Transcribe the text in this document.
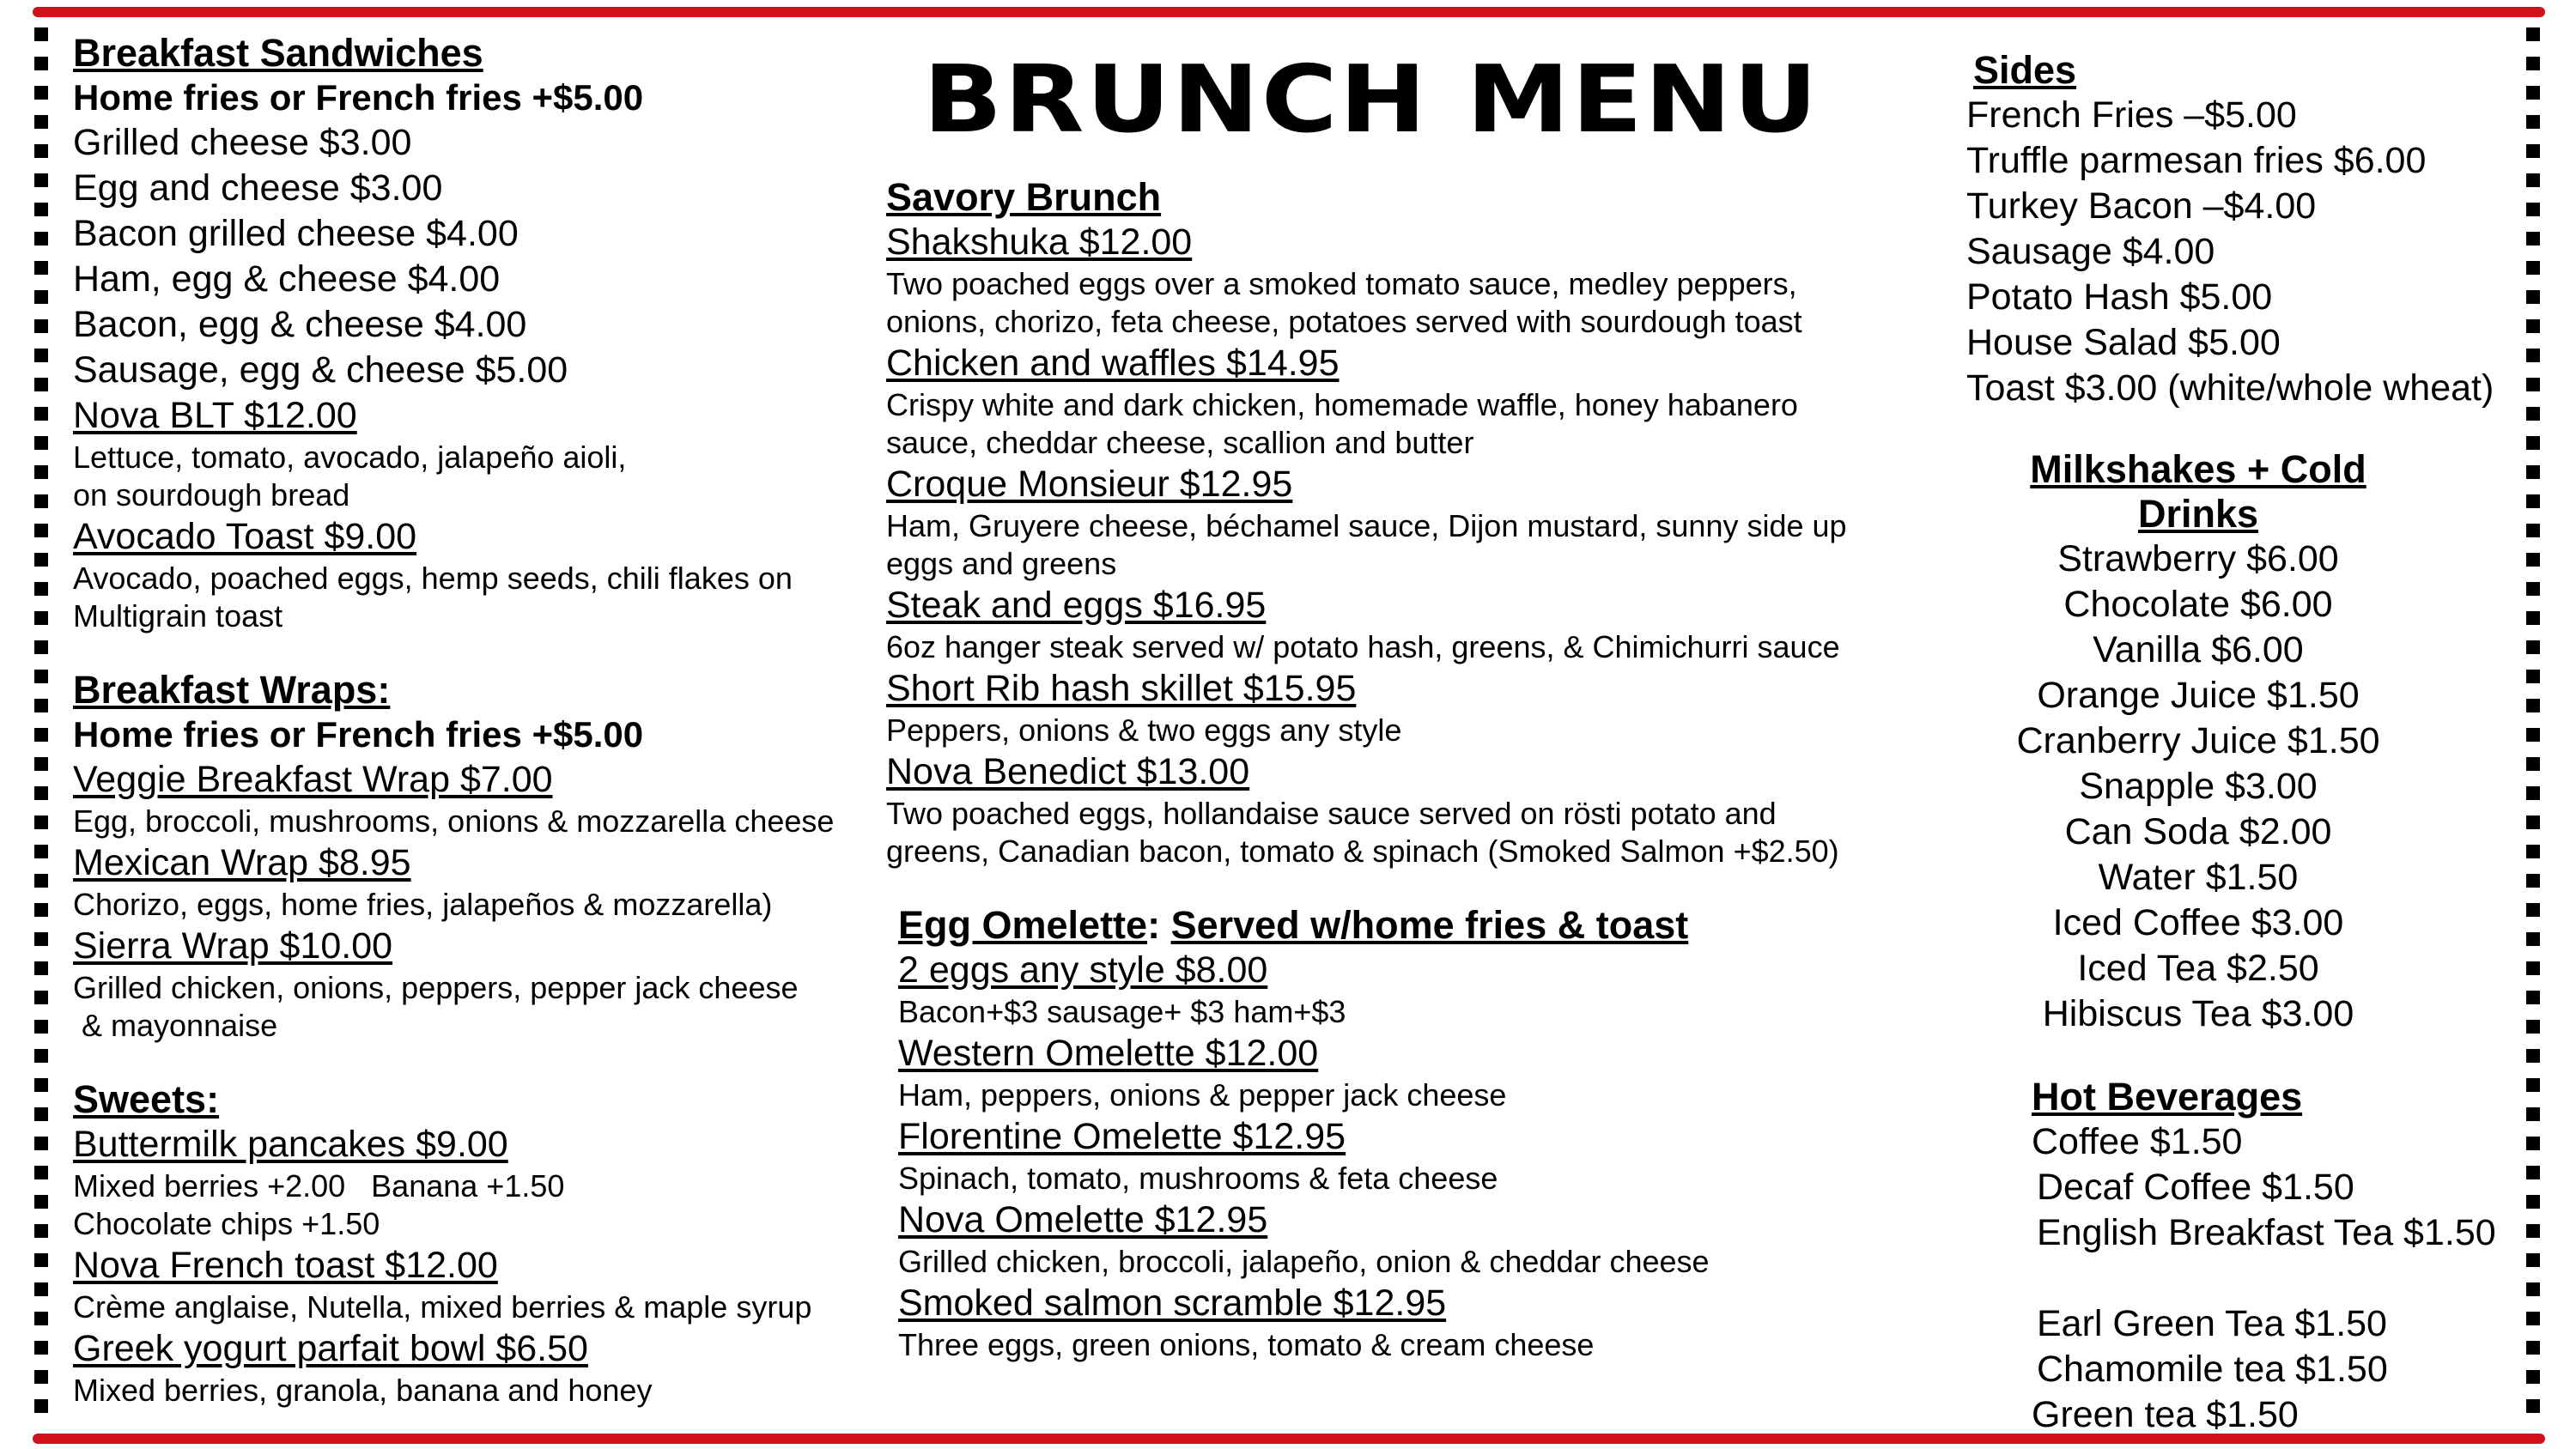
BRUNCH MENU
Breakfast Sandwiches
Home fries or French fries +$5.00
Grilled cheese $3.00
Egg and cheese $3.00
Bacon grilled cheese $4.00
Ham, egg & cheese $4.00
Bacon, egg & cheese $4.00
Sausage, egg & cheese $5.00
Nova BLT $12.00
Lettuce, tomato, avocado, jalapeño aioli,
on sourdough bread
Avocado Toast $9.00
Avocado, poached eggs, hemp seeds, chili flakes on
Multigrain toast
Breakfast Wraps:
Home fries or French fries +$5.00
Veggie Breakfast Wrap $7.00
Egg, broccoli, mushrooms, onions & mozzarella cheese
Mexican Wrap $8.95
Chorizo, eggs, home fries, jalapeños & mozzarella)
Sierra Wrap $10.00
Grilled chicken, onions, peppers, pepper jack cheese
& mayonnaise
Sweets:
Buttermilk pancakes $9.00
Mixed berries +2.00   Banana +1.50
Chocolate chips +1.50
Nova French toast $12.00
Crème anglaise, Nutella, mixed berries & maple syrup
Greek yogurt parfait bowl $6.50
Mixed berries, granola, banana and honey
Savory Brunch
Shakshuka $12.00
Two poached eggs over a smoked tomato sauce, medley peppers,
onions, chorizo, feta cheese, potatoes served with sourdough toast
Chicken and waffles $14.95
Crispy white and dark chicken, homemade waffle, honey habanero
sauce, cheddar cheese, scallion and butter
Croque Monsieur $12.95
Ham, Gruyere cheese, béchamel sauce, Dijon mustard, sunny side up
eggs and greens
Steak and eggs $16.95
6oz hanger steak served w/ potato hash, greens, & Chimichurri sauce
Short Rib hash skillet $15.95
Peppers, onions & two eggs any style
Nova Benedict $13.00
Two poached eggs, hollandaise sauce served on rösti potato and
greens, Canadian bacon, tomato & spinach (Smoked Salmon +$2.50)
Egg Omelette: Served w/home fries & toast
2 eggs any style $8.00
Bacon+$3 sausage+ $3 ham+$3
Western Omelette $12.00
Ham, peppers, onions & pepper jack cheese
Florentine Omelette $12.95
Spinach, tomato, mushrooms & feta cheese
Nova Omelette $12.95
Grilled chicken, broccoli, jalapeño, onion & cheddar cheese
Smoked salmon scramble $12.95
Three eggs, green onions, tomato & cream cheese
Sides
French Fries –$5.00
Truffle parmesan fries $6.00
Turkey Bacon –$4.00
Sausage $4.00
Potato Hash $5.00
House Salad $5.00
Toast $3.00 (white/whole wheat)
Milkshakes + Cold Drinks
Strawberry $6.00
Chocolate $6.00
Vanilla $6.00
Orange Juice $1.50
Cranberry Juice $1.50
Snapple $3.00
Can Soda $2.00
Water $1.50
Iced Coffee $3.00
Iced Tea $2.50
Hibiscus Tea $3.00
Hot Beverages
Coffee $1.50
Decaf Coffee $1.50
English Breakfast Tea $1.50
Earl Green Tea $1.50
Chamomile tea $1.50
Green tea $1.50
